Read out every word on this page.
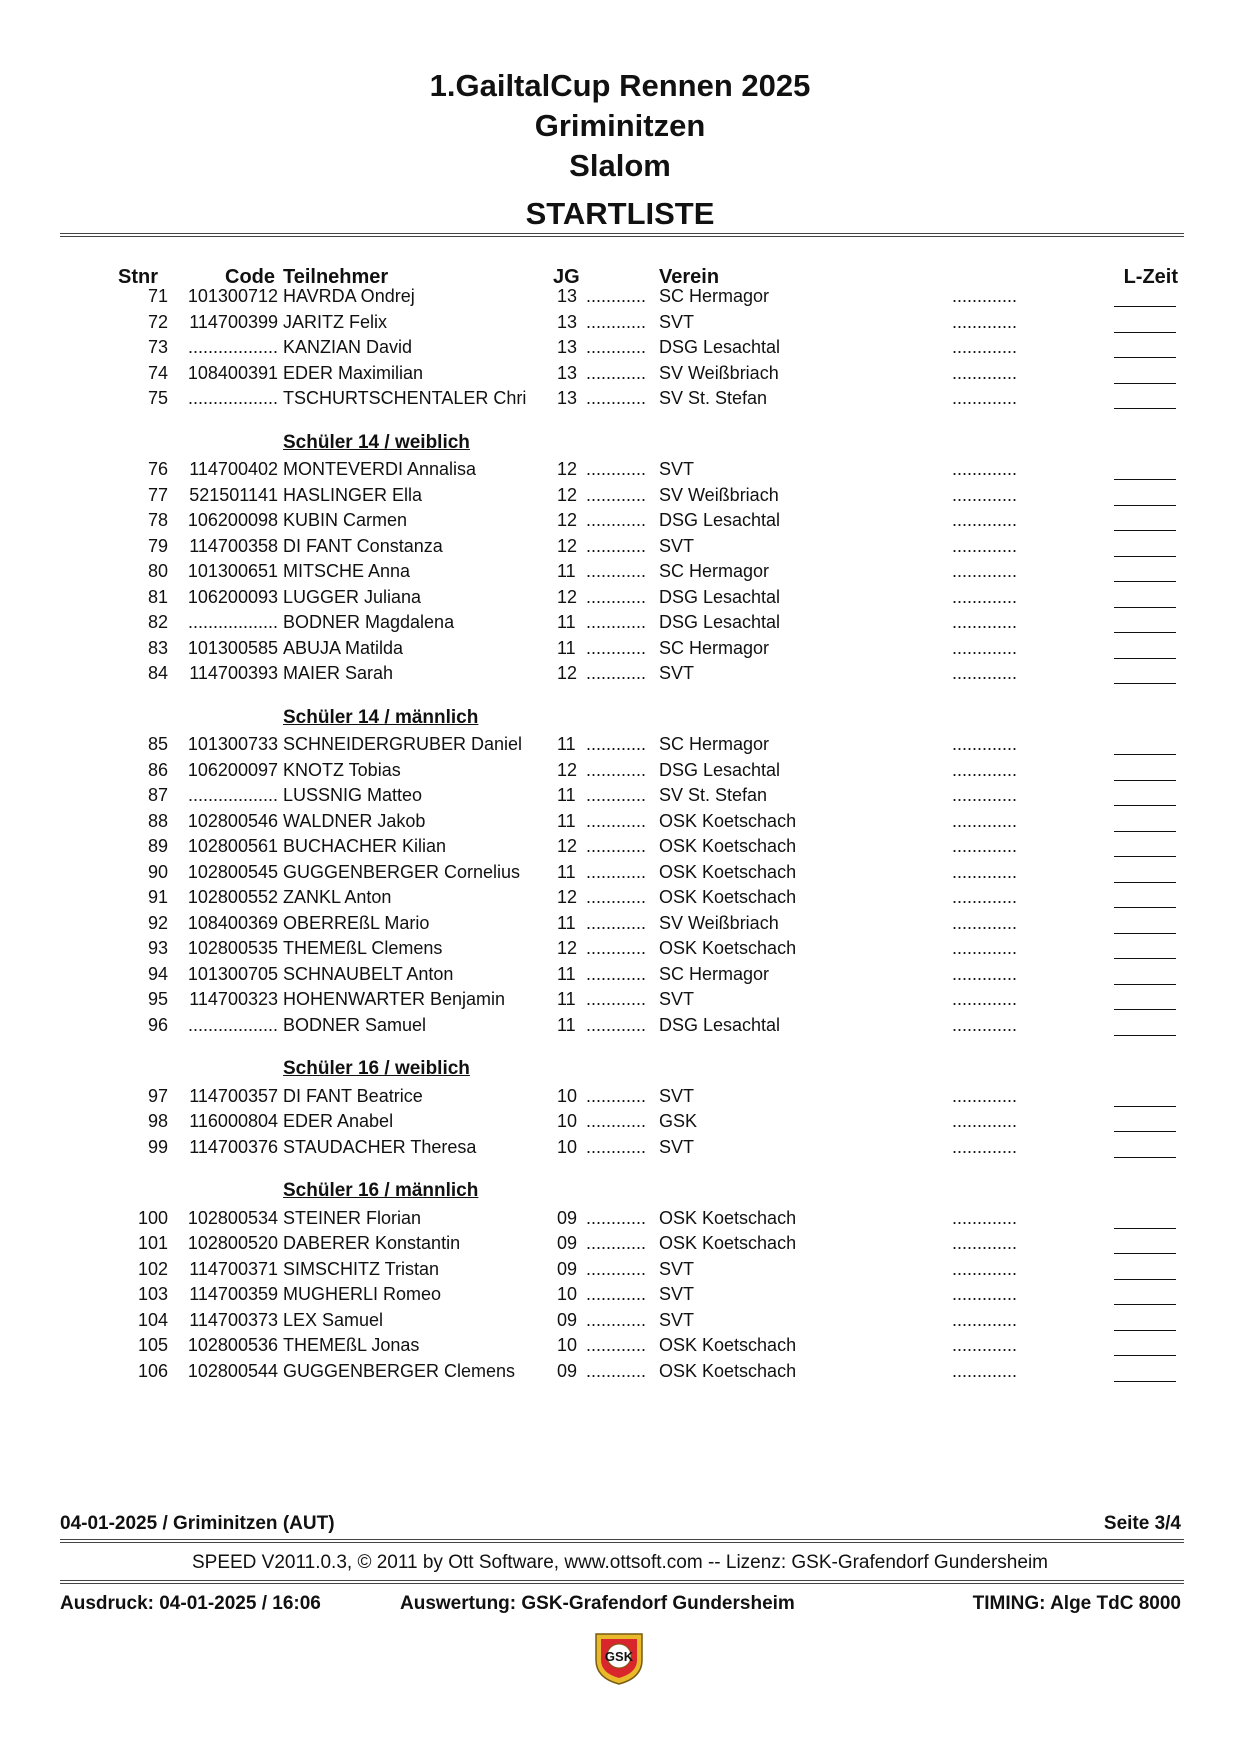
1.GailtalCup Rennen 2025
Griminitzen
Slalom
STARTLISTE
Stnr	Code Teilnehmer	JG	Verein	L-Zeit
71	101300712 HAVRDA Ondrej	13 ............ SC Hermagor	.............
72	114700399 JARITZ Felix	13 ............ SVT	.............
73	.................. KANZIAN David	13 ............ DSG Lesachtal	.............
74	108400391 EDER Maximilian	13 ............ SV Weißbriach	.............
75	.................. TSCHURTSCHENTALER Chri	13 ............ SV St. Stefan	.............
Schüler 14 / weiblich
76	114700402 MONTEVERDI Annalisa	12 ............ SVT	.............
77	521501141 HASLINGER Ella	12 ............ SV Weißbriach	.............
78	106200098 KUBIN Carmen	12 ............ DSG Lesachtal	.............
79	114700358 DI FANT Constanza	12 ............ SVT	.............
80	101300651 MITSCHE Anna	11 ............ SC Hermagor	.............
81	106200093 LUGGER Juliana	12 ............ DSG Lesachtal	.............
82	.................. BODNER Magdalena	11 ............ DSG Lesachtal	.............
83	101300585 ABUJA Matilda	11 ............ SC Hermagor	.............
84	114700393 MAIER Sarah	12 ............ SVT	.............
Schüler 14 / männlich
85	101300733 SCHNEIDERGRUBER Daniel	11 ............ SC Hermagor	.............
86	106200097 KNOTZ Tobias	12 ............ DSG Lesachtal	.............
87	.................. LUSSNIG Matteo	11 ............ SV St. Stefan	.............
88	102800546 WALDNER Jakob	11 ............ OSK Koetschach	.............
89	102800561 BUCHACHER Kilian	12 ............ OSK Koetschach	.............
90	102800545 GUGGENBERGER Cornelius	11 ............ OSK Koetschach	.............
91	102800552 ZANKL Anton	12 ............ OSK Koetschach	.............
92	108400369 OBERREßL Mario	11 ............ SV Weißbriach	.............
93	102800535 THEMEßL Clemens	12 ............ OSK Koetschach	.............
94	101300705 SCHNAUBELT Anton	11 ............ SC Hermagor	.............
95	114700323 HOHENWARTER Benjamin	11 ............ SVT	.............
96	.................. BODNER Samuel	11 ............ DSG Lesachtal	.............
Schüler 16 / weiblich
97	114700357 DI FANT Beatrice	10 ............ SVT	.............
98	116000804 EDER Anabel	10 ............ GSK	.............
99	114700376 STAUDACHER Theresa	10 ............ SVT	.............
Schüler 16 / männlich
100	102800534 STEINER Florian	09 ............ OSK Koetschach	.............
101	102800520 DABERER Konstantin	09 ............ OSK Koetschach	.............
102	114700371 SIMSCHITZ Tristan	09 ............ SVT	.............
103	114700359 MUGHERLI Romeo	10 ............ SVT	.............
104	114700373 LEX Samuel	09 ............ SVT	.............
105	102800536 THEMEßL Jonas	10 ............ OSK Koetschach	.............
106	102800544 GUGGENBERGER Clemens	09 ............ OSK Koetschach	.............
04-01-2025 / Griminitzen (AUT)	Seite 3/4
SPEED V2011.0.3, © 2011 by Ott Software, www.ottsoft.com -- Lizenz: GSK-Grafendorf Gundersheim
Ausdruck: 04-01-2025 / 16:06	Auswertung: GSK-Grafendorf Gundersheim	TIMING: Alge TdC 8000
GSK
